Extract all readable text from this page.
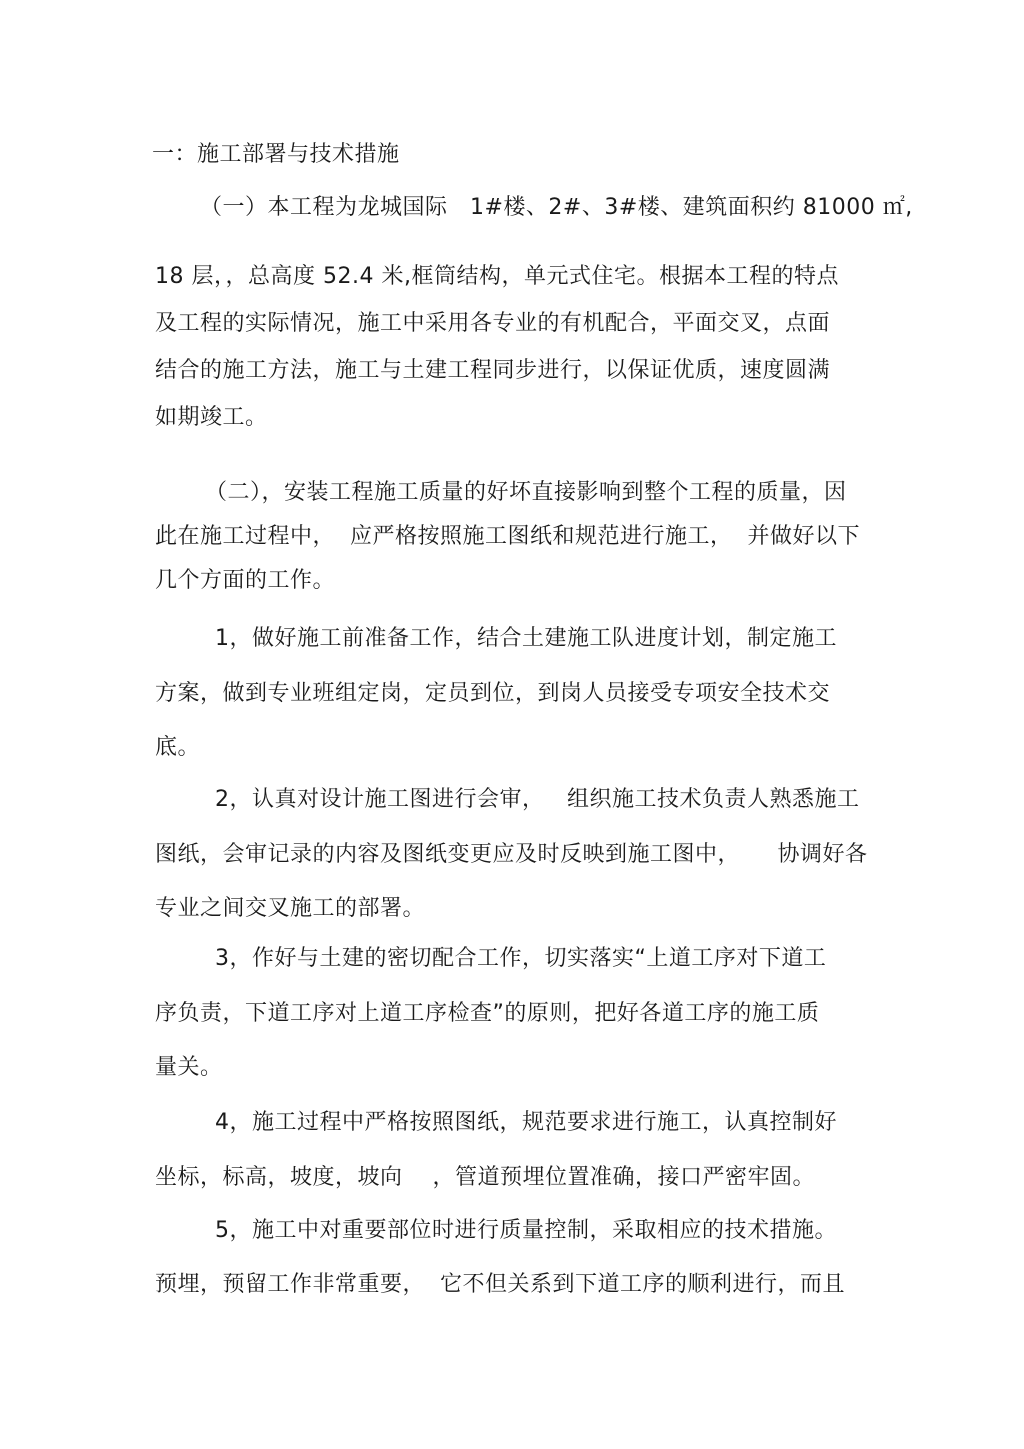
一：施工部署与技术措施
（一）本工程为龙城国际   1#楼、2#、3#楼、建筑面积约 81000 ㎡,
18 层，，总高度 52.4 米,框筒结构，单元式住宅。根据本工程的特点
及工程的实际情况，施工中采用各专业的有机配合，平面交叉，点面
结合的施工方法，施工与土建工程同步进行，以保证优质，速度圆满
如期竣工。
（二），安装工程施工质量的好坏直接影响到整个工程的质量，因
此在施工过程中，  应严格按照施工图纸和规范进行施工，  并做好以下
几个方面的工作。
1，做好施工前准备工作，结合土建施工队进度计划，制定施工
方案，做到专业班组定岗，定员到位，到岗人员接受专项安全技术交
底。
2，认真对设计施工图进行会审，   组织施工技术负责人熟悉施工
图纸，会审记录的内容及图纸变更应及时反映到施工图中，     协调好各
专业之间交叉施工的部署。
3，作好与土建的密切配合工作，切实落实“上道工序对下道工
序负责，下道工序对上道工序检查”的原则，把好各道工序的施工质
量关。
4，施工过程中严格按照图纸，规范要求进行施工，认真控制好
坐标，标高，坡度，坡向    ，管道预埋位置准确，接口严密牢固。
5，施工中对重要部位时进行质量控制，采取相应的技术措施。
预埋，预留工作非常重要，  它不但关系到下道工序的顺利进行，而且
